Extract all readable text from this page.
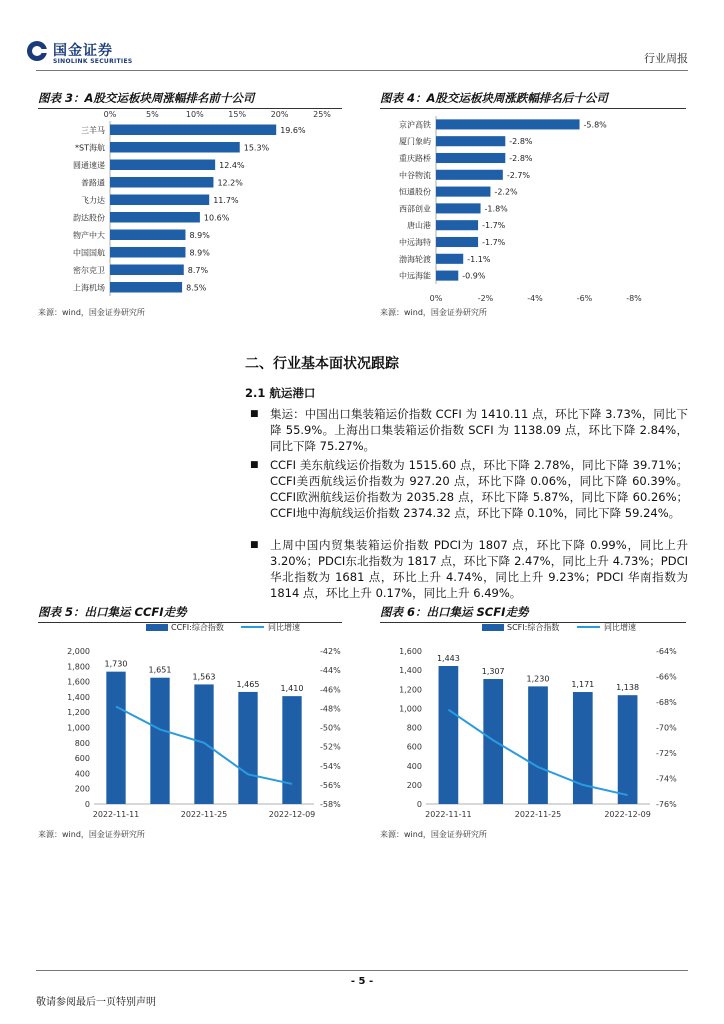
国金证券
SINOLINK SECURITIES	行业周报
图表 3：A股交运板块周涨幅排名前十公司
0%	5%	10%	15%	20%	25%
三羊马	19.6%
*ST海航	15.3%
圆通速递	12.4%
普路通	12.2%
飞力达	11.7%
韵达股份	10.6%
物产中大	8.9%
中国国航	8.9%
密尔克卫	8.7%
上海机场	8.5%
来源：wind，国金证券研究所
图表 4：A股交运板块周涨跌幅排名后十公司
0%	-2%	-4%	-6%	-8%
京沪高铁	-5.8%
厦门象屿	-2.8%
重庆路桥	-2.8%
中谷物流	-2.7%
恒通股份	-2.2%
西部创业	-1.8%
唐山港	-1.7%
中远海特	-1.7%
渤海轮渡	-1.1%
中远海能	-0.9%
来源：wind，国金证券研究所
二、行业基本面状况跟踪
2.1 航运港口
■ 集运：中国出口集装箱运价指数 CCFI 为 1410.11 点，环比下降 3.73%，同比下降 55.9%。上海出口集装箱运价指数 SCFI 为 1138.09 点，环比下降 2.84%，同比下降 75.27%。
■ CCFI 美东航线运价指数为 1515.60 点，环比下降 2.78%，同比下降 39.71%；CCFI美西航线运价指数为 927.20 点，环比下降 0.06%，同比下降 60.39%。CCFI欧洲航线运价指数为 2035.28 点，环比下降 5.87%，同比下降 60.26%；CCFI地中海航线运价指数 2374.32 点，环比下降 0.10%，同比下降 59.24%。
■ 上周中国内贸集装箱运价指数 PDCI为 1807 点，环比下降 0.99%，同比上升 3.20%；PDCI东北指数为 1817 点，环比下降 2.47%，同比上升 4.73%；PDCI 华北指数为 1681 点，环比上升 4.74%，同比上升 9.23%；PDCI 华南指数为 1814 点，环比上升 0.17%，同比上升 6.49%。
图表 5：出口集运 CCFI走势
CCFI:综合指数	同比增速
0
200
400
600
800
1,000
1,200
1,400
1,600
1,800
2,000	-42%
-44%
-46%
-48%
-50%
-52%
-54%
-56%
-58%
1,730
1,651
1,563
1,465	1,410
2022-11-11	2022-11-25	2022-12-09
来源：wind，国金证券研究所
图表 6：出口集运 SCFI走势
SCFI:综合指数	同比增速
0
200
400
600
800
1,000
1,200
1,400
1,600	-64%
-66%
-68%
-70%
-72%
-74%
-76%
1,443
1,307
1,230
1,171	1,138
2022-11-11	2022-11-25	2022-12-09
来源：wind，国金证券研究所
- 5 -
敬请参阅最后一页特别声明
